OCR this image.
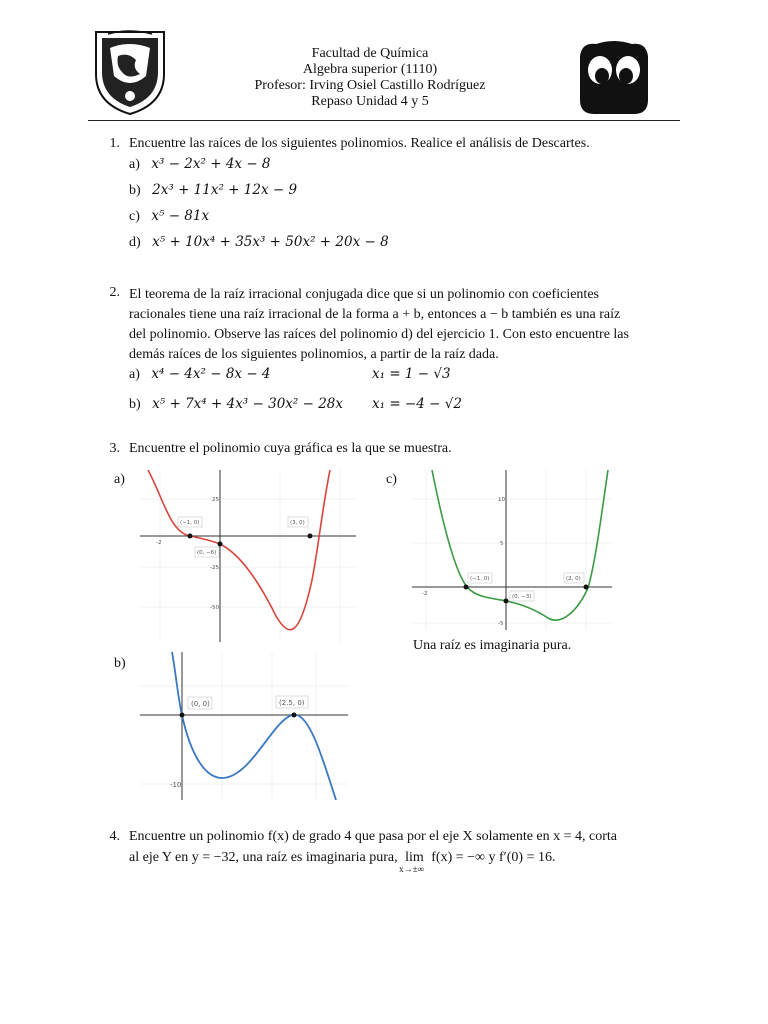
Facultad de Química
Algebra superior (1110)
Profesor: Irving Osiel Castillo Rodríguez
Repaso Unidad 4 y 5
1. Encuentre las raíces de los siguientes polinomios. Realice el análisis de Descartes.
a) x³ − 2x² + 4x − 8
b) 2x³ + 11x² + 12x − 9
c) x⁵ − 81x
d) x⁵ + 10x⁴ + 35x³ + 50x² + 20x − 8
2. El teorema de la raíz irracional conjugada dice que si un polinomio con coeficientes
racionales tiene una raíz irracional de la forma a + b, entonces a − b también es una raíz
del polinomio. Observe las raíces del polinomio d) del ejercicio 1. Con esto encuentre las
demás raíces de los siguientes polinomios, a partir de la raíz dada.
a) x⁴ − 4x² − 8x − 4	x₁ = 1 − √3
b) x⁵ + 7x⁴ + 4x³ − 30x² − 28x x₁ = −4 − √2
3. Encuentre el polinomio cuya gráfica es la que se muestra.
a)	c)
b)
(−1, 0)
(0, −6)
(3, 0)
-2
25
-25
-50
(−1, 0)
(0, −3)
(2, 0)
-2
10
5
-5
Una raíz es imaginaria pura.
(0, 0)	(2.5, 0)
-10
4. Encuentre un polinomio f(x) de grado 4 que pasa por el eje X solamente en x = 4, corta
al eje Y en y = −32, una raíz es imaginaria pura, lim
x→±∞
f(x) = −∞ y f′(0) = 16.
